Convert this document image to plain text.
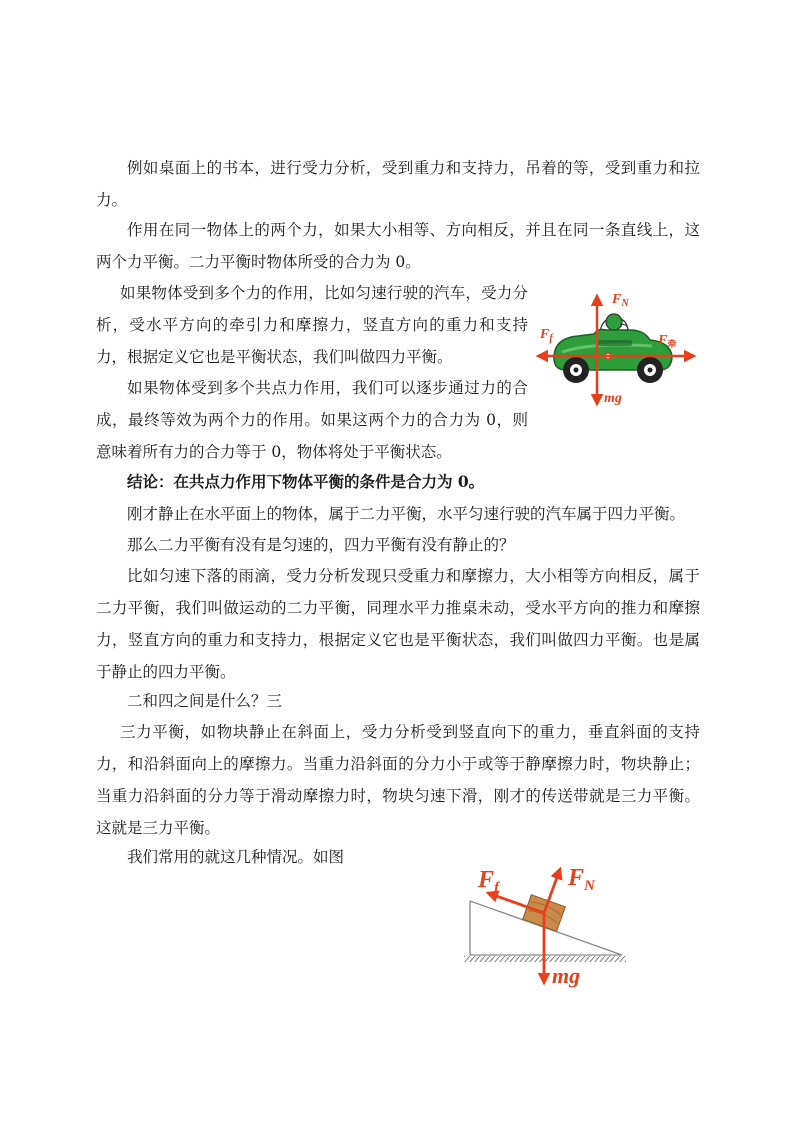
例如桌面上的书本，进行受力分析，受到重力和支持力，吊着的等，受到重力和拉力。

作用在同一物体上的两个力，如果大小相等、方向相反，并且在同一条直线上，这两个力平衡。二力平衡时物体所受的合力为 0。

如果物体受到多个力的作用，比如匀速行驶的汽车，受力分析，受水平方向的牵引力和摩擦力，竖直方向的重力和支持力，根据定义它也是平衡状态，我们叫做四力平衡。

如果物体受到多个共点力作用，我们可以逐步通过力的合成，最终等效为两个力的作用。如果这两个力的合力为 0，则意味着所有力的合力等于 0，物体将处于平衡状态。

结论：在共点力作用下物体平衡的条件是合力为 0。

刚才静止在水平面上的物体，属于二力平衡，水平匀速行驶的汽车属于四力平衡。

那么二力平衡有没有是匀速的，四力平衡有没有静止的？

比如匀速下落的雨滴，受力分析发现只受重力和摩擦力，大小相等方向相反，属于二力平衡，我们叫做运动的二力平衡，同理水平力推桌未动，受水平方向的推力和摩擦力，竖直方向的重力和支持力，根据定义它也是平衡状态，我们叫做四力平衡。也是属于静止的四力平衡。

二和四之间是什么？三

三力平衡，如物块静止在斜面上，受力分析受到竖直向下的重力，垂直斜面的支持力，和沿斜面向上的摩擦力。当重力沿斜面的分力小于或等于静摩擦力时，物块静止；当重力沿斜面的分力等于滑动摩擦力时，物块匀速下滑，刚才的传送带就是三力平衡。这就是三力平衡。

我们常用的就这几种情况。如图

$F_N$
$F_f$	$F_牵$
mg
$F_f$	$F_N$
mg
